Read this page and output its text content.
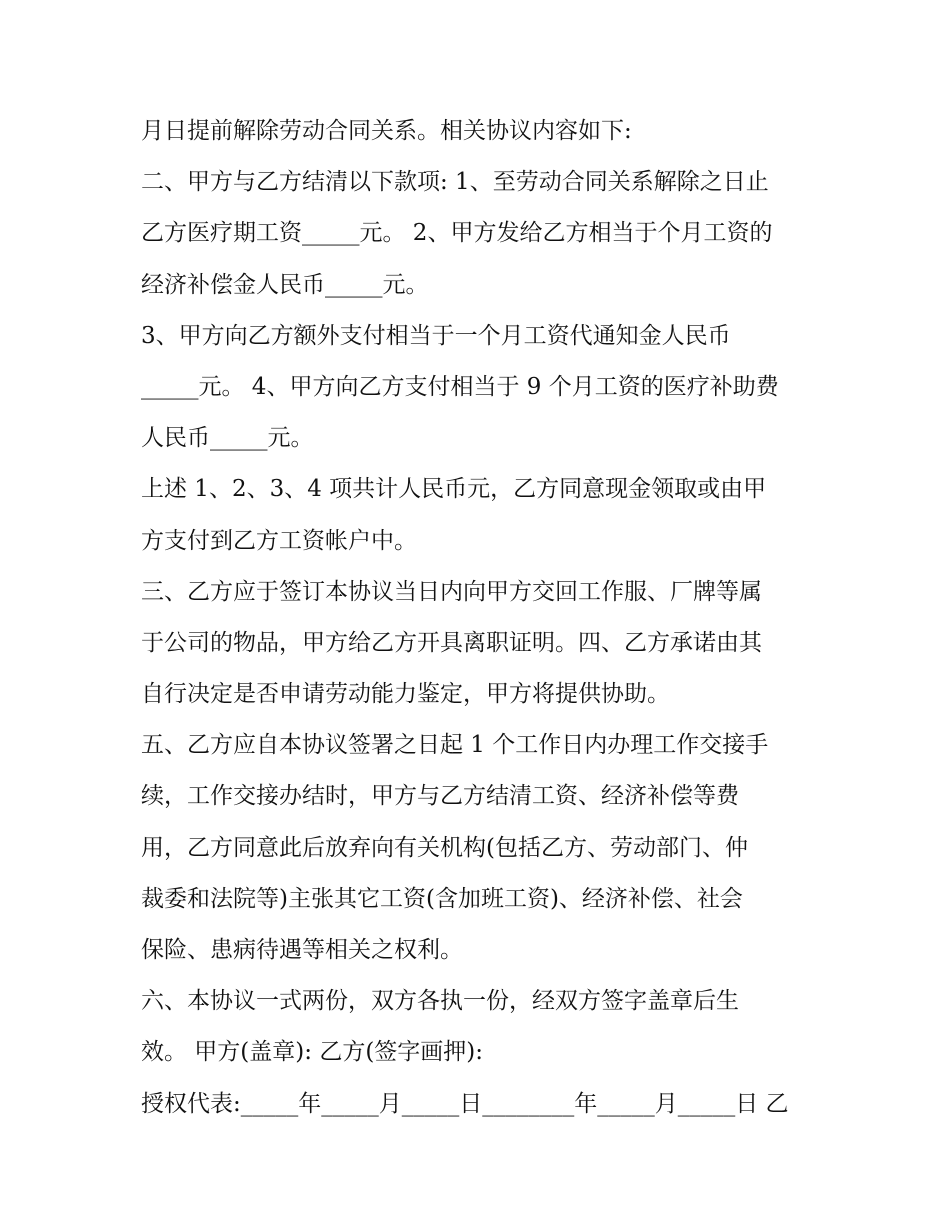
月日提前解除劳动合同关系。相关协议内容如下:
二、甲方与乙方结清以下款项: 1、至劳动合同关系解除之日止
乙方医疗期工资_____元。 2、甲方发给乙方相当于个月工资的
经济补偿金人民币_____元。
3、甲方向乙方额外支付相当于一个月工资代通知金人民币
_____元。 4、甲方向乙方支付相当于 9 个月工资的医疗补助费
人民币_____元。
上述 1、2、3、4 项共计人民币元，乙方同意现金领取或由甲
方支付到乙方工资帐户中。
三、乙方应于签订本协议当日内向甲方交回工作服、厂牌等属
于公司的物品，甲方给乙方开具离职证明。四、乙方承诺由其
自行决定是否申请劳动能力鉴定，甲方将提供协助。
五、乙方应自本协议签署之日起 1 个工作日内办理工作交接手
续，工作交接办结时，甲方与乙方结清工资、经济补偿等费
用，乙方同意此后放弃向有关机构(包括乙方、劳动部门、仲
裁委和法院等)主张其它工资(含加班工资)、经济补偿、社会
保险、患病待遇等相关之权利。
六、本协议一式两份，双方各执一份，经双方签字盖章后生
效。 甲方(盖章): 乙方(签字画押):
授权代表:_____年_____月_____日________年_____月_____日 乙
